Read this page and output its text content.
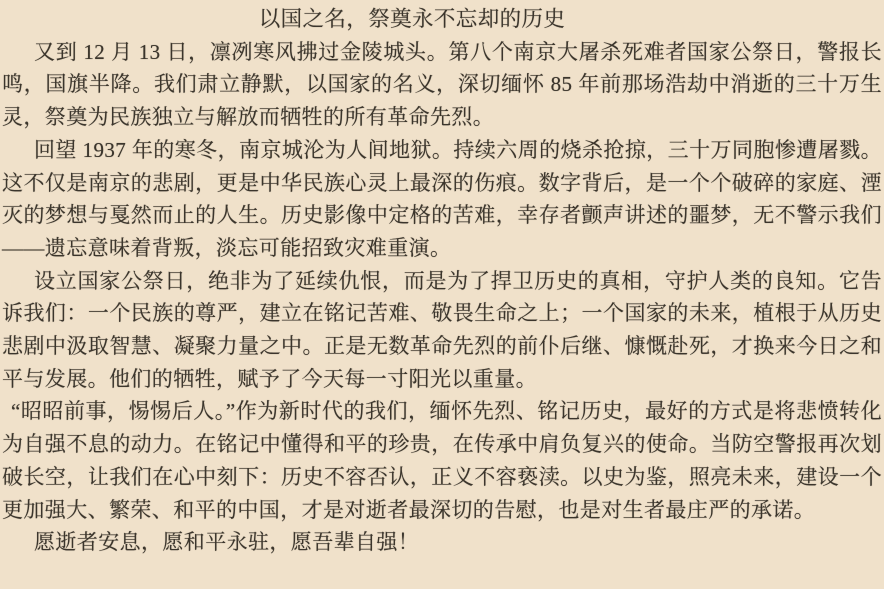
以国之名，祭奠永不忘却的历史

又到 12 月 13 日，凛冽寒风拂过金陵城头。第八个南京大屠杀死难者国家公祭日，警报长鸣，国旗半降。我们肃立静默，以国家的名义，深切缅怀 85 年前那场浩劫中消逝的三十万生灵，祭奠为民族独立与解放而牺牲的所有革命先烈。

回望 1937 年的寒冬，南京城沦为人间地狱。持续六周的烧杀抢掠，三十万同胞惨遭屠戮。这不仅是南京的悲剧，更是中华民族心灵上最深的伤痕。数字背后，是一个个破碎的家庭、湮灭的梦想与戛然而止的人生。历史影像中定格的苦难，幸存者颤声讲述的噩梦，无不警示我们——遗忘意味着背叛，淡忘可能招致灾难重演。

设立国家公祭日，绝非为了延续仇恨，而是为了捍卫历史的真相，守护人类的良知。它告诉我们：一个民族的尊严，建立在铭记苦难、敬畏生命之上；一个国家的未来，植根于从历史悲剧中汲取智慧、凝聚力量之中。正是无数革命先烈的前仆后继、慷慨赴死，才换来今日之和平与发展。他们的牺牲，赋予了今天每一寸阳光以重量。

“昭昭前事，惕惕后人。”作为新时代的我们，缅怀先烈、铭记历史，最好的方式是将悲愤转化为自强不息的动力。在铭记中懂得和平的珍贵，在传承中肩负复兴的使命。当防空警报再次划破长空，让我们在心中刻下：历史不容否认，正义不容亵渎。以史为鉴，照亮未来，建设一个更加强大、繁荣、和平的中国，才是对逝者最深切的告慰，也是对生者最庄严的承诺。

愿逝者安息，愿和平永驻，愿吾辈自强！
